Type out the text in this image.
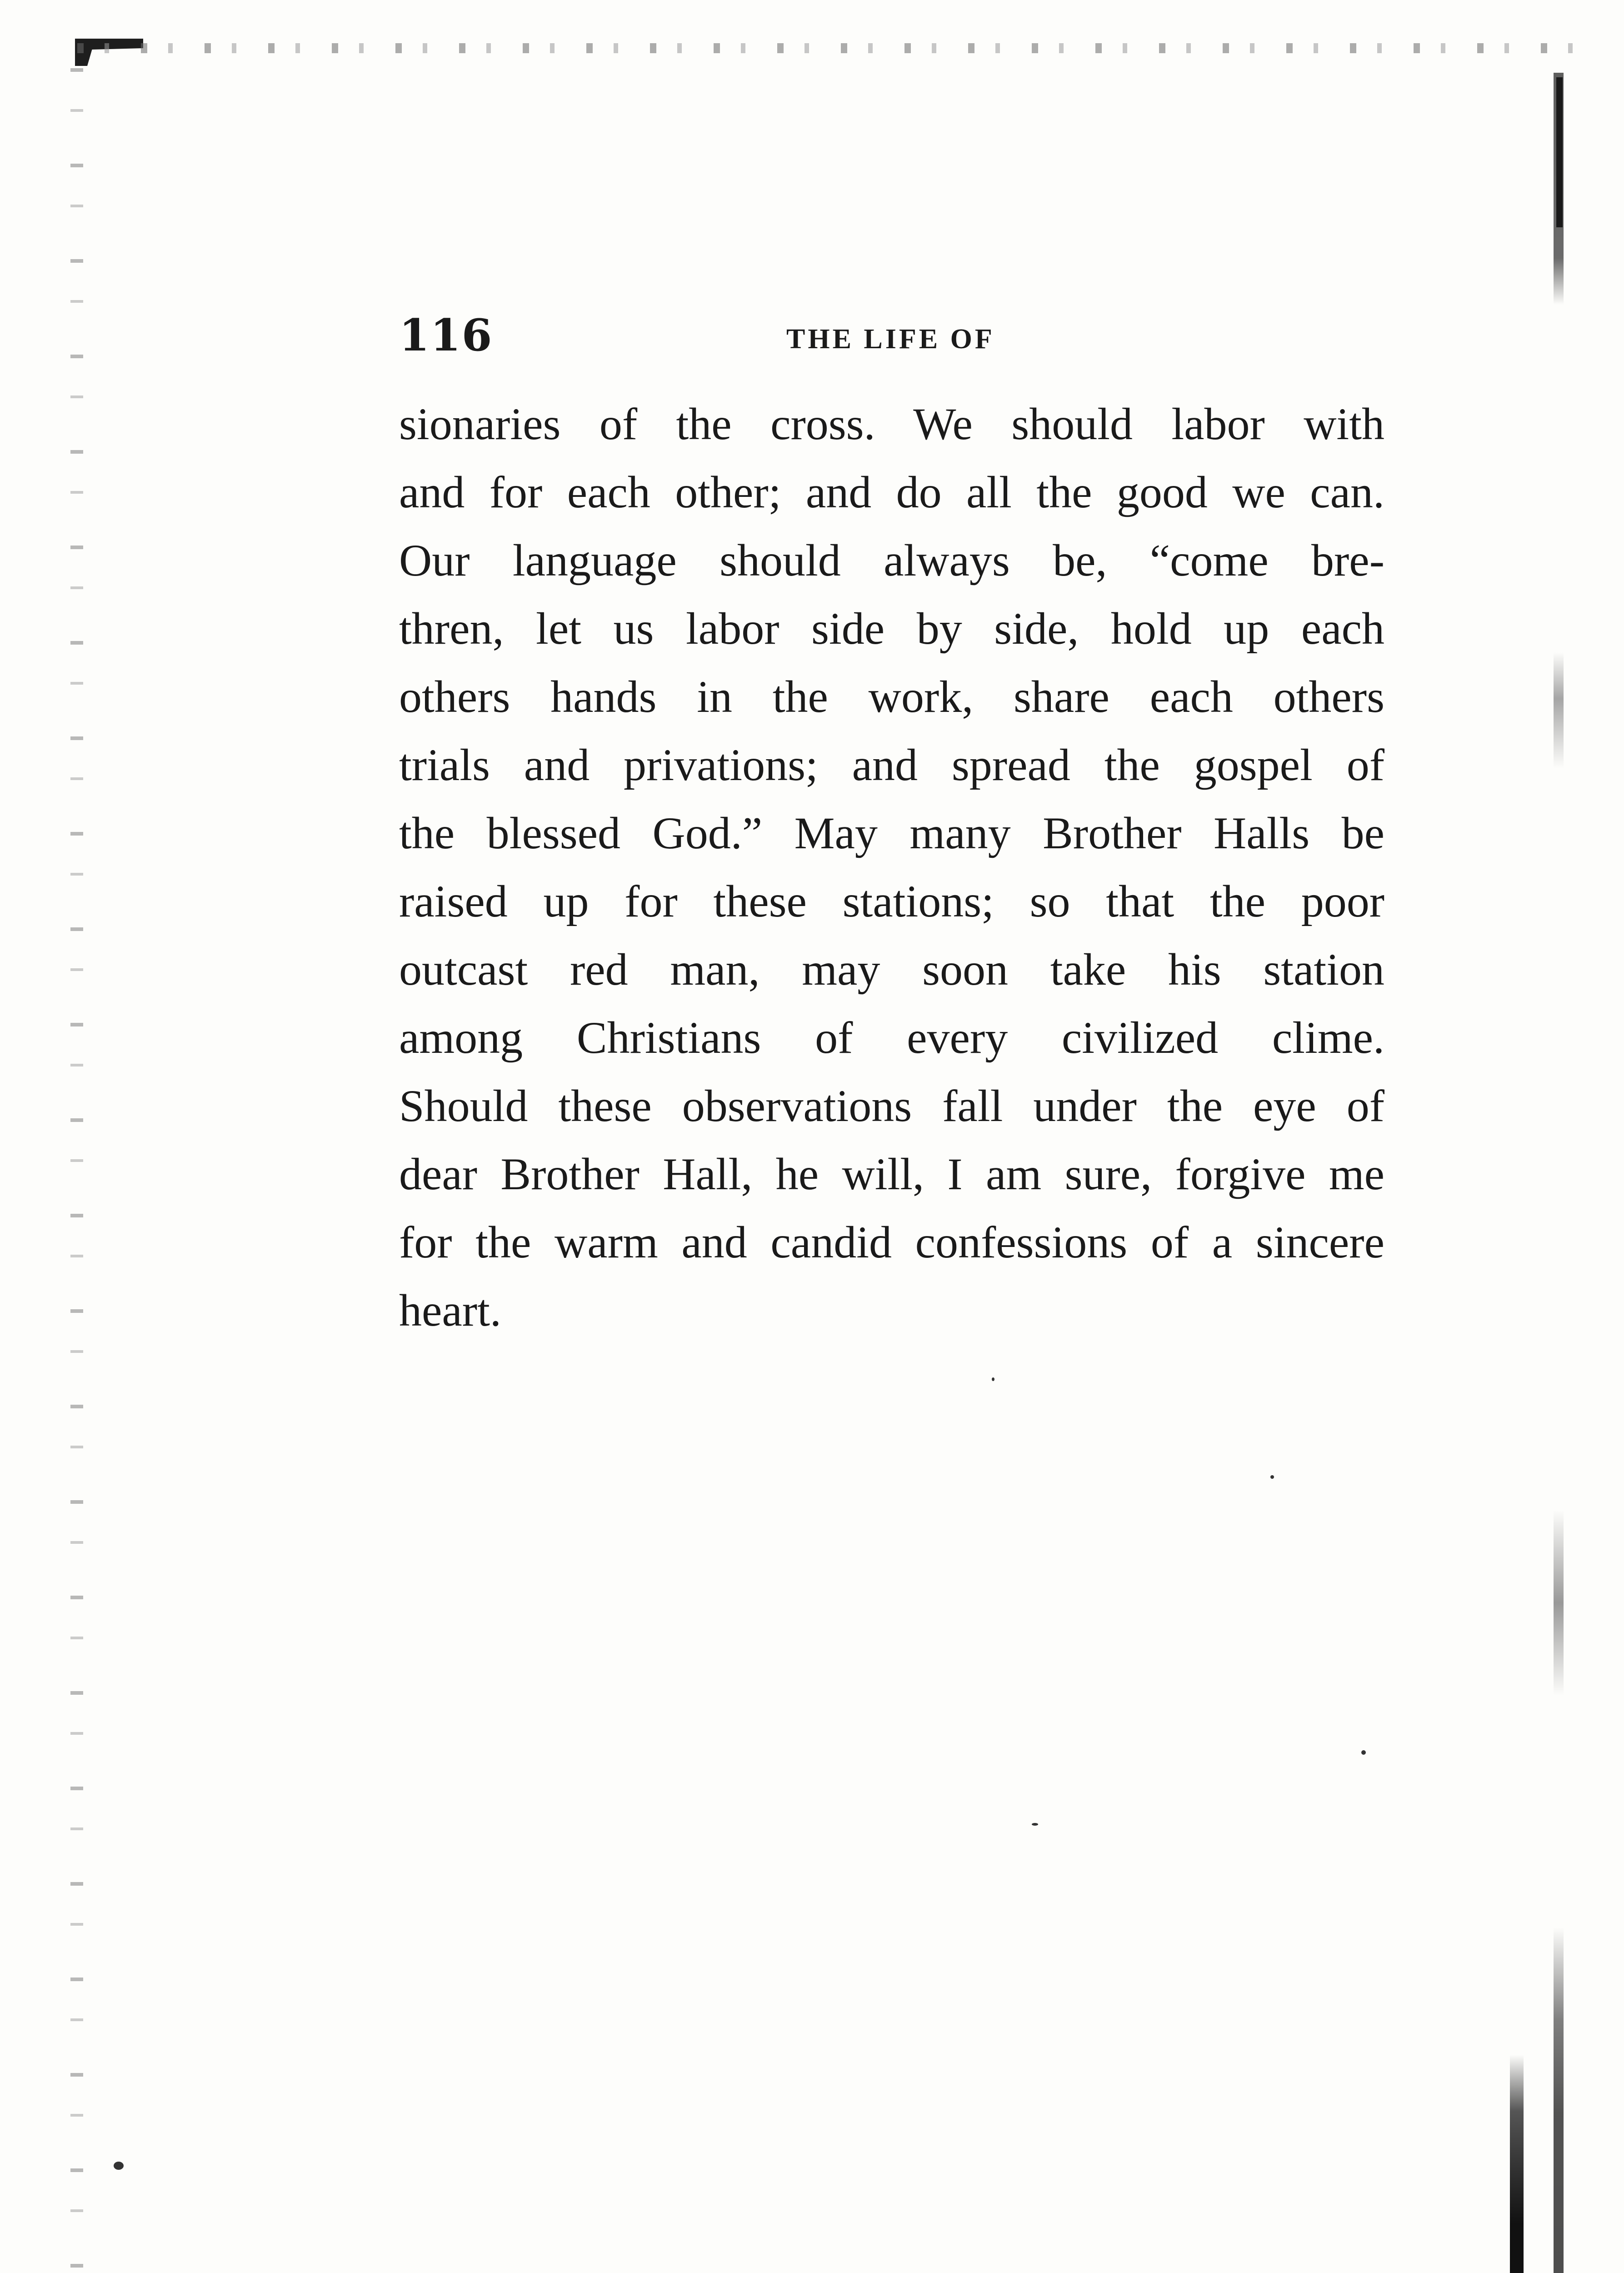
116	THE LIFE OF
sionaries of the cross. We should labor with
and for each other; and do all the good we can.
Our language should always be, “come bre-
thren, let us labor side by side, hold up each
others hands in the work, share each others
trials and privations; and spread the gospel of
the blessed God.” May many Brother Halls be
raised up for these stations; so that the poor
outcast red man, may soon take his station
among Christians of every civilized clime.
Should these observations fall under the eye of
dear Brother Hall, he will, I am sure, forgive me
for the warm and candid confessions of a sincere
heart.
